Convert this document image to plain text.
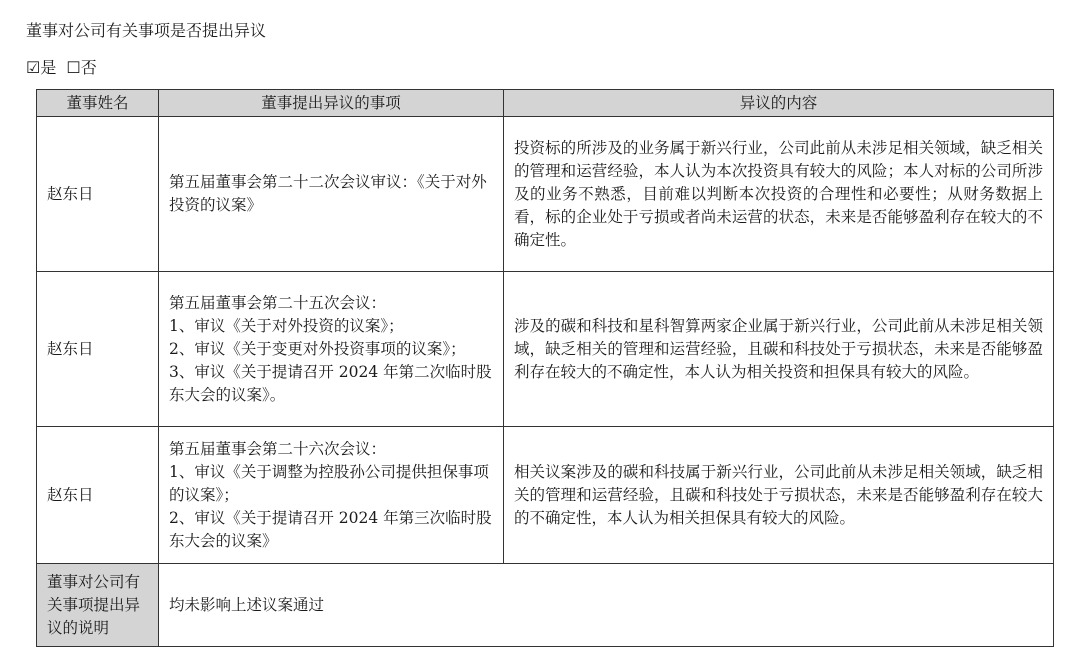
董事对公司有关事项是否提出异议
☑是 ☐否
董事姓名	董事提出异议的事项	异议的内容
赵东日	第五届董事会第二十二次会议审议：《关于对外投资的议案》	投资标的所涉及的业务属于新兴行业，公司此前从未涉足相关领域，缺乏相关的管理和运营经验，本人认为本次投资具有较大的风险；本人对标的公司所涉及的业务不熟悉，目前难以判断本次投资的合理性和必要性；从财务数据上看，标的企业处于亏损或者尚未运营的状态，未来是否能够盈利存在较大的不确定性。
赵东日	第五届董事会第二十五次会议：
1、审议《关于对外投资的议案》；
2、审议《关于变更对外投资事项的议案》；
3、审议《关于提请召开 2024 年第二次临时股东大会的议案》。	涉及的碳和科技和星科智算两家企业属于新兴行业，公司此前从未涉足相关领域，缺乏相关的管理和运营经验，且碳和科技处于亏损状态，未来是否能够盈利存在较大的不确定性，本人认为相关投资和担保具有较大的风险。
赵东日	第五届董事会第二十六次会议：
1、审议《关于调整为控股孙公司提供担保事项的议案》；
2、审议《关于提请召开 2024 年第三次临时股东大会的议案》	相关议案涉及的碳和科技属于新兴行业，公司此前从未涉足相关领域，缺乏相关的管理和运营经验，且碳和科技处于亏损状态，未来是否能够盈利存在较大的不确定性，本人认为相关担保具有较大的风险。
董事对公司有关事项提出异议的说明	均未影响上述议案通过	
